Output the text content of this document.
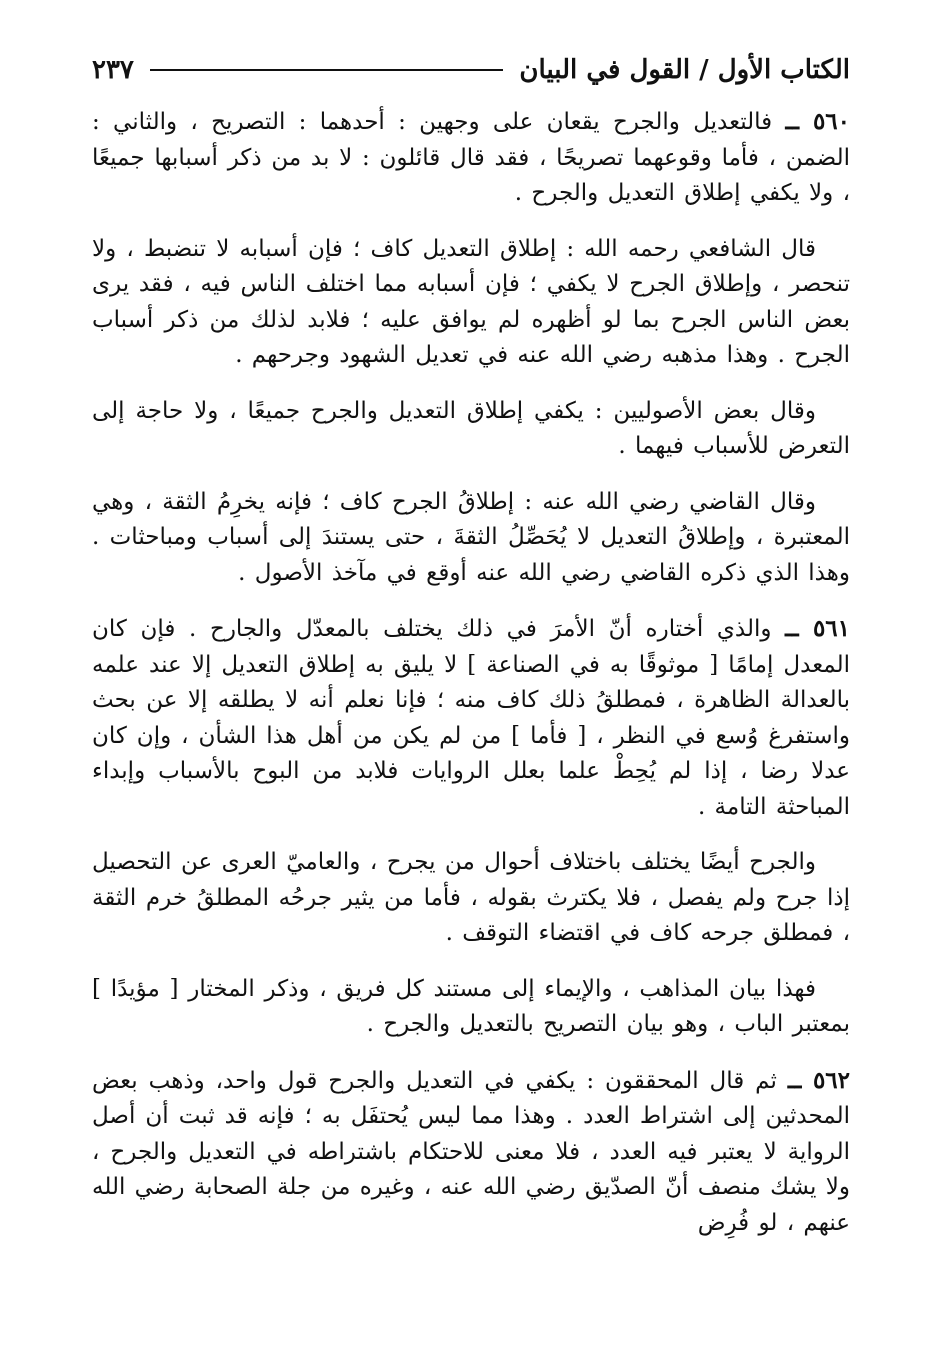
الكتاب الأول / القول في البيان
٢٣٧

٥٦٠ ــ فالتعديل والجرح يقعان على وجهين : أحدهما : التصريح ، والثاني : الضمن ، فأما وقوعهما تصريحًا ، فقد قال قائلون : لا بد من ذكر أسبابها جميعًا ، ولا يكفي إطلاق التعديل والجرح .

قال الشافعي رحمه الله : إطلاق التعديل كاف ؛ فإن أسبابه لا تنضبط ، ولا تنحصر ، وإطلاق الجرح لا يكفي ؛ فإن أسبابه مما اختلف الناس فيه ، فقد يرى بعض الناس الجرح بما لو أظهره لم يوافق عليه ؛ فلابد لذلك من ذكر أسباب الجرح . وهذا مذهبه رضي الله عنه في تعديل الشهود وجرحهم .

وقال بعض الأصوليين : يكفي إطلاق التعديل والجرح جميعًا ، ولا حاجة إلى التعرض للأسباب فيهما .

وقال القاضي رضي الله عنه : إطلاقُ الجرح كاف ؛ فإنه يخرِمُ الثقة ، وهي المعتبرة ، وإطلاقُ التعديل لا يُحَصِّلُ الثقةَ ، حتى يستندَ إلى أسباب ومباحثات . وهذا الذي ذكره القاضي رضي الله عنه أوقع في مآخذ الأصول .

٥٦١ ــ والذي أختاره أنّ الأمرَ في ذلك يختلف بالمعدّل والجارح . فإن كان المعدل إمامًا [ موثوقًا به في الصناعة ] لا يليق به إطلاق التعديل إلا عند علمه بالعدالة الظاهرة ، فمطلقُ ذلك كاف منه ؛ فإنا نعلم أنه لا يطلقه إلا عن بحث واستفرغ وُسع في النظر ، [ فأما ] من لم يكن من أهل هذا الشأن ، وإن كان عدلا رضا ، إذا لم يُحِطْ علما بعلل الروايات فلابد من البوح بالأسباب وإبداء المباحثة التامة .

والجرح أيضًا يختلف باختلاف أحوال من يجرح ، والعاميّ العرى عن التحصيل إذا جرح ولم يفصل ، فلا يكترث بقوله ، فأما من يثير جرحُه المطلقُ خرم الثقة ، فمطلق جرحه كاف في اقتضاء التوقف .

فهذا بيان المذاهب ، والإيماء إلى مستند كل فريق ، وذكر المختار [ مؤيدًا ] بمعتبر الباب ، وهو بيان التصريح بالتعديل والجرح .

٥٦٢ ــ ثم قال المحققون : يكفي في التعديل والجرح قول واحد، وذهب بعض المحدثين إلى اشتراط العدد . وهذا مما ليس يُحتفَل به ؛ فإنه قد ثبت أن أصل الرواية لا يعتبر فيه العدد ، فلا معنى للاحتكام باشتراطه في التعديل والجرح ، ولا يشك منصف أنّ الصدّيق رضي الله عنه ، وغيره من جلة الصحابة رضي الله عنهم ، لو فُرِض
